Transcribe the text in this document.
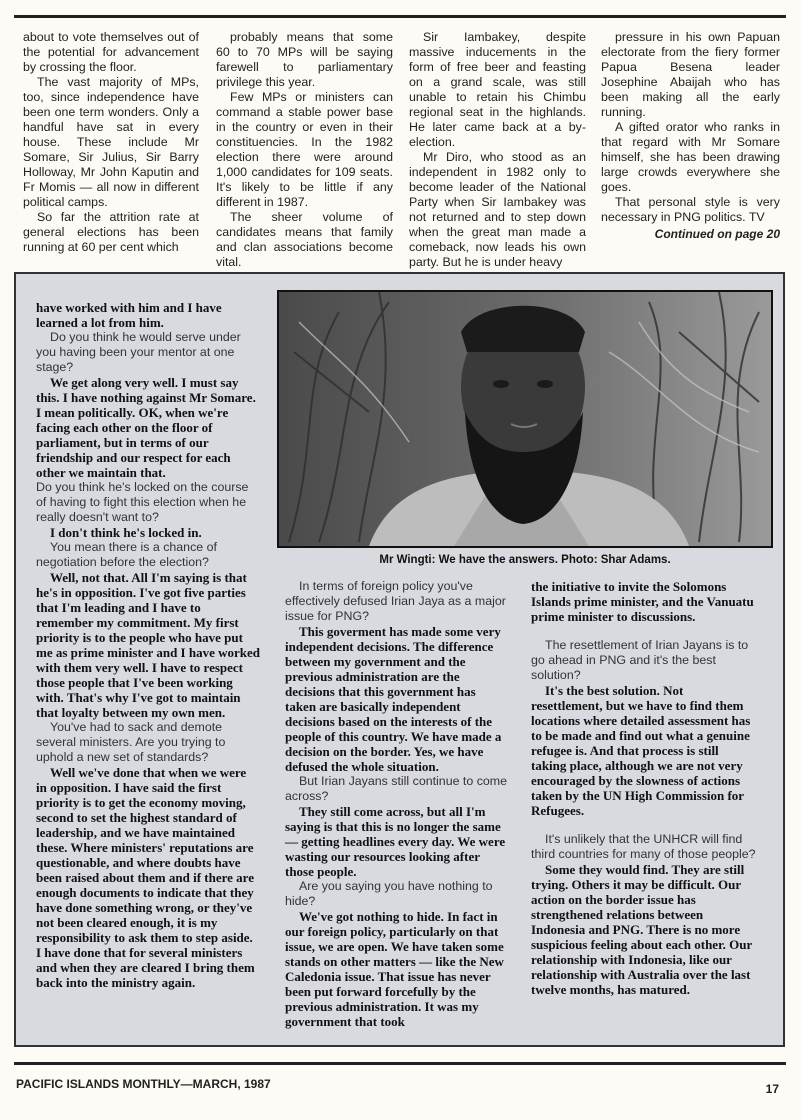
about to vote themselves out of the potential for advancement by crossing the floor.

The vast majority of MPs, too, since independence have been one term wonders. Only a handful have sat in every house. These include Mr Somare, Sir Julius, Sir Barry Holloway, Mr John Kaputin and Fr Momis — all now in different political camps.

So far the attrition rate at general elections has been running at 60 per cent which

probably means that some 60 to 70 MPs will be saying farewell to parliamentary privilege this year.

Few MPs or ministers can command a stable power base in the country or even in their constituencies. In the 1982 election there were around 1,000 candidates for 109 seats. It's likely to be little if any different in 1987.

The sheer volume of candidates means that family and clan associations become vital.

Sir Iambakey, despite massive inducements in the form of free beer and feasting on a grand scale, was still unable to retain his Chimbu regional seat in the highlands. He later came back at a by-election.

Mr Diro, who stood as an independent in 1982 only to become leader of the National Party when Sir Iambakey was not returned and to step down when the great man made a comeback, now leads his own party. But he is under heavy

pressure in his own Papuan electorate from the fiery former Papua Besena leader Josephine Abaijah who has been making all the early running.

A gifted orator who ranks in that regard with Mr Somare himself, she has been drawing large crowds everywhere she goes.

That personal style is very necessary in PNG politics. TV

Continued on page 20
Mr Wingti: We have the answers. Photo: Shar Adams.

have worked with him and I have learned a lot from him.

Do you think he would serve under you having been your mentor at one stage?

We get along very well. I must say this. I have nothing against Mr Somare. I mean politically. OK, when we're facing each other on the floor of parliament, but in terms of our friendship and our respect for each other we maintain that.

Do you think he's locked on the course of having to fight this election when he really doesn't want to?

I don't think he's locked in.

You mean there is a chance of negotiation before the election?

Well, not that. All I'm saying is that he's in opposition. I've got five parties that I'm leading and I have to remember my commitment. My first priority is to the people who have put me as prime minister and I have worked with them very well. I have to respect those people that I've been working with. That's why I've got to maintain that loyalty between my own men.

You've had to sack and demote several ministers. Are you trying to uphold a new set of standards?

Well we've done that when we were in opposition. I have said the first priority is to get the economy moving, second to set the highest standard of leadership, and we have maintained these. Where ministers' reputations are questionable, and where doubts have been raised about them and if there are enough documents to indicate that they have done something wrong, or they've not been cleared enough, it is my responsibility to ask them to step aside. I have done that for several ministers and when they are cleared I bring them back into the ministry again.

In terms of foreign policy you've effectively defused Irian Jaya as a major issue for PNG?

This goverment has made some very independent decisions. The difference between my government and the previous administration are the decisions that this government has taken are basically independent decisions based on the interests of the people of this country. We have made a decision on the border. Yes, we have defused the whole situation.

But Irian Jayans still continue to come across?

They still come across, but all I'm saying is that this is no longer the same — getting headlines every day. We were wasting our resources looking after those people.

Are you saying you have nothing to hide?

We've got nothing to hide. In fact in our foreign policy, particularly on that issue, we are open. We have taken some stands on other matters — like the New Caledonia issue. That issue has never been put forward forcefully by the previous administration. It was my government that took

the initiative to invite the Solomons Islands prime minister, and the Vanuatu prime minister to discussions.

The resettlement of Irian Jayans is to go ahead in PNG and it's the best solution?

It's the best solution. Not resettlement, but we have to find them locations where detailed assessment has to be made and find out what a genuine refugee is. And that process is still taking place, although we are not very encouraged by the slowness of actions taken by the UN High Commission for Refugees.

It's unlikely that the UNHCR will find third countries for many of those people?

Some they would find. They are still trying. Others it may be difficult. Our action on the border issue has strengthened relations between Indonesia and PNG. There is no more suspicious feeling about each other. Our relationship with Indonesia, like our relationship with Australia over the last twelve months, has matured.

PACIFIC ISLANDS MONTHLY—MARCH, 1987	17
